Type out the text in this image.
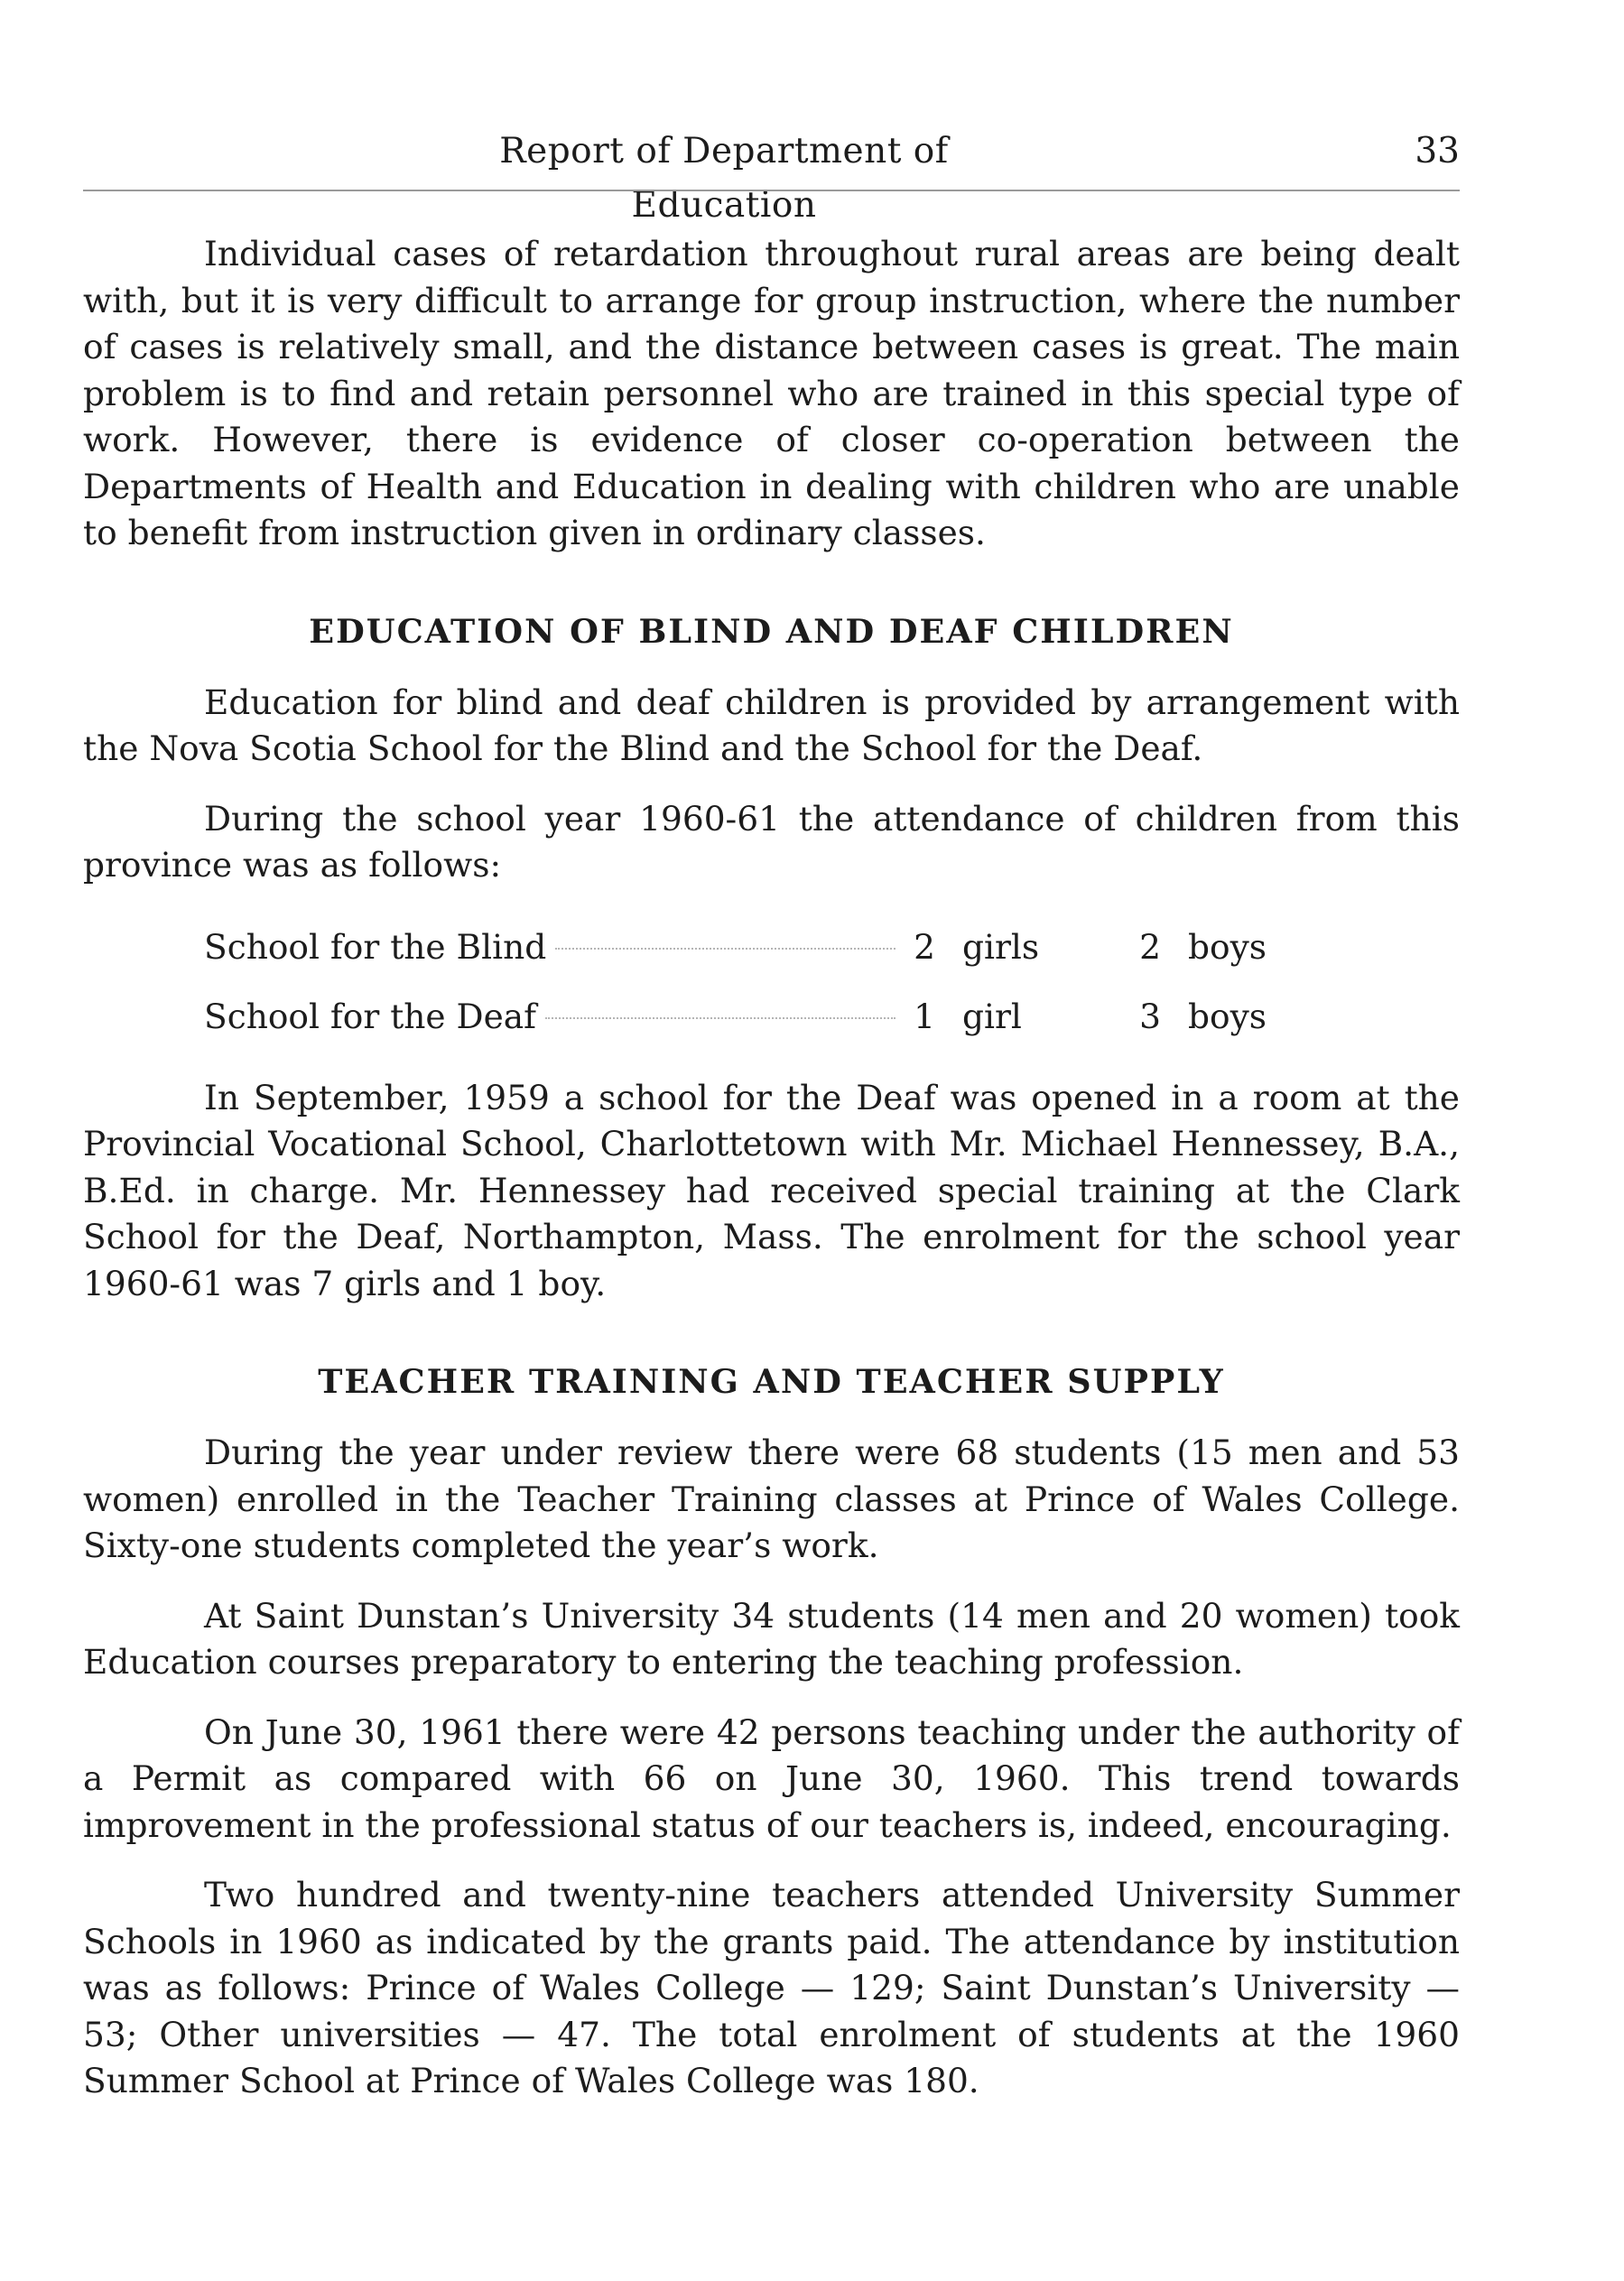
Report of Department of Education
33

Individual cases of retardation throughout rural areas are being dealt with, but it is very difficult to arrange for group instruction, where the number of cases is relatively small, and the distance between cases is great. The main problem is to find and retain personnel who are trained in this special type of work. However, there is evidence of closer co-operation between the Departments of Health and Education in dealing with children who are unable to benefit from instruction given in ordinary classes.

EDUCATION OF BLIND AND DEAF CHILDREN

Education for blind and deaf children is provided by arrangement with the Nova Scotia School for the Blind and the School for the Deaf.

During the school year 1960-61 the attendance of children from this province was as follows:

School for the Blind	2 girls	2 boys
School for the Deaf	1 girl	3 boys

In September, 1959 a school for the Deaf was opened in a room at the Provincial Vocational School, Charlottetown with Mr. Michael Hennessey, B.A., B.Ed. in charge. Mr. Hennessey had received special training at the Clark School for the Deaf, Northampton, Mass. The enrolment for the school year 1960-61 was 7 girls and 1 boy.

TEACHER TRAINING AND TEACHER SUPPLY

During the year under review there were 68 students (15 men and 53 women) enrolled in the Teacher Training classes at Prince of Wales College. Sixty-one students completed the year’s work.

At Saint Dunstan’s University 34 students (14 men and 20 women) took Education courses preparatory to entering the teaching profession.

On June 30, 1961 there were 42 persons teaching under the authority of a Permit as compared with 66 on June 30, 1960. This trend towards improvement in the professional status of our teachers is, indeed, encouraging.

Two hundred and twenty-nine teachers attended University Summer Schools in 1960 as indicated by the grants paid. The attendance by institution was as follows: Prince of Wales College — 129; Saint Dunstan’s University — 53; Other universities — 47. The total enrolment of students at the 1960 Summer School at Prince of Wales College was 180.
